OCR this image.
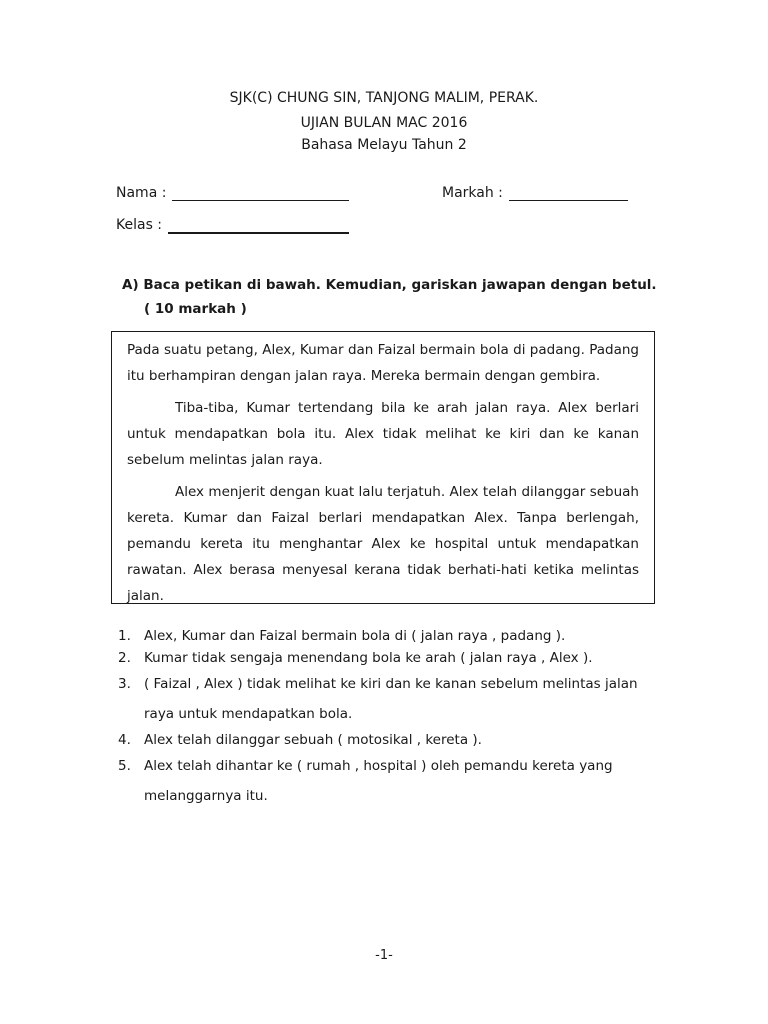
SJK(C) CHUNG SIN, TANJONG MALIM, PERAK.
UJIAN BULAN MAC 2016
Bahasa Melayu Tahun 2
Nama :	Markah :
Kelas :
A) Baca petikan di bawah. Kemudian, gariskan jawapan dengan betul.
( 10 markah )

Pada suatu petang, Alex, Kumar dan Faizal bermain bola di padang. Padang itu berhampiran dengan jalan raya. Mereka bermain dengan gembira.

Tiba-tiba, Kumar tertendang bila ke arah jalan raya. Alex berlari untuk mendapatkan bola itu. Alex tidak melihat ke kiri dan ke kanan sebelum melintas jalan raya.

Alex menjerit dengan kuat lalu terjatuh. Alex telah dilanggar sebuah kereta. Kumar dan Faizal berlari mendapatkan Alex. Tanpa berlengah, pemandu kereta itu menghantar Alex ke hospital untuk mendapatkan rawatan. Alex berasa menyesal kerana tidak berhati-hati ketika melintas jalan.

1. Alex, Kumar dan Faizal bermain bola di ( jalan raya , padang ).
2. Kumar tidak sengaja menendang bola ke arah ( jalan raya , Alex ).
3. ( Faizal , Alex ) tidak melihat ke kiri dan ke kanan sebelum melintas jalan raya untuk mendapatkan bola.
4. Alex telah dilanggar sebuah ( motosikal , kereta ).
5. Alex telah dihantar ke ( rumah , hospital ) oleh pemandu kereta yang melanggarnya itu.
-1-
